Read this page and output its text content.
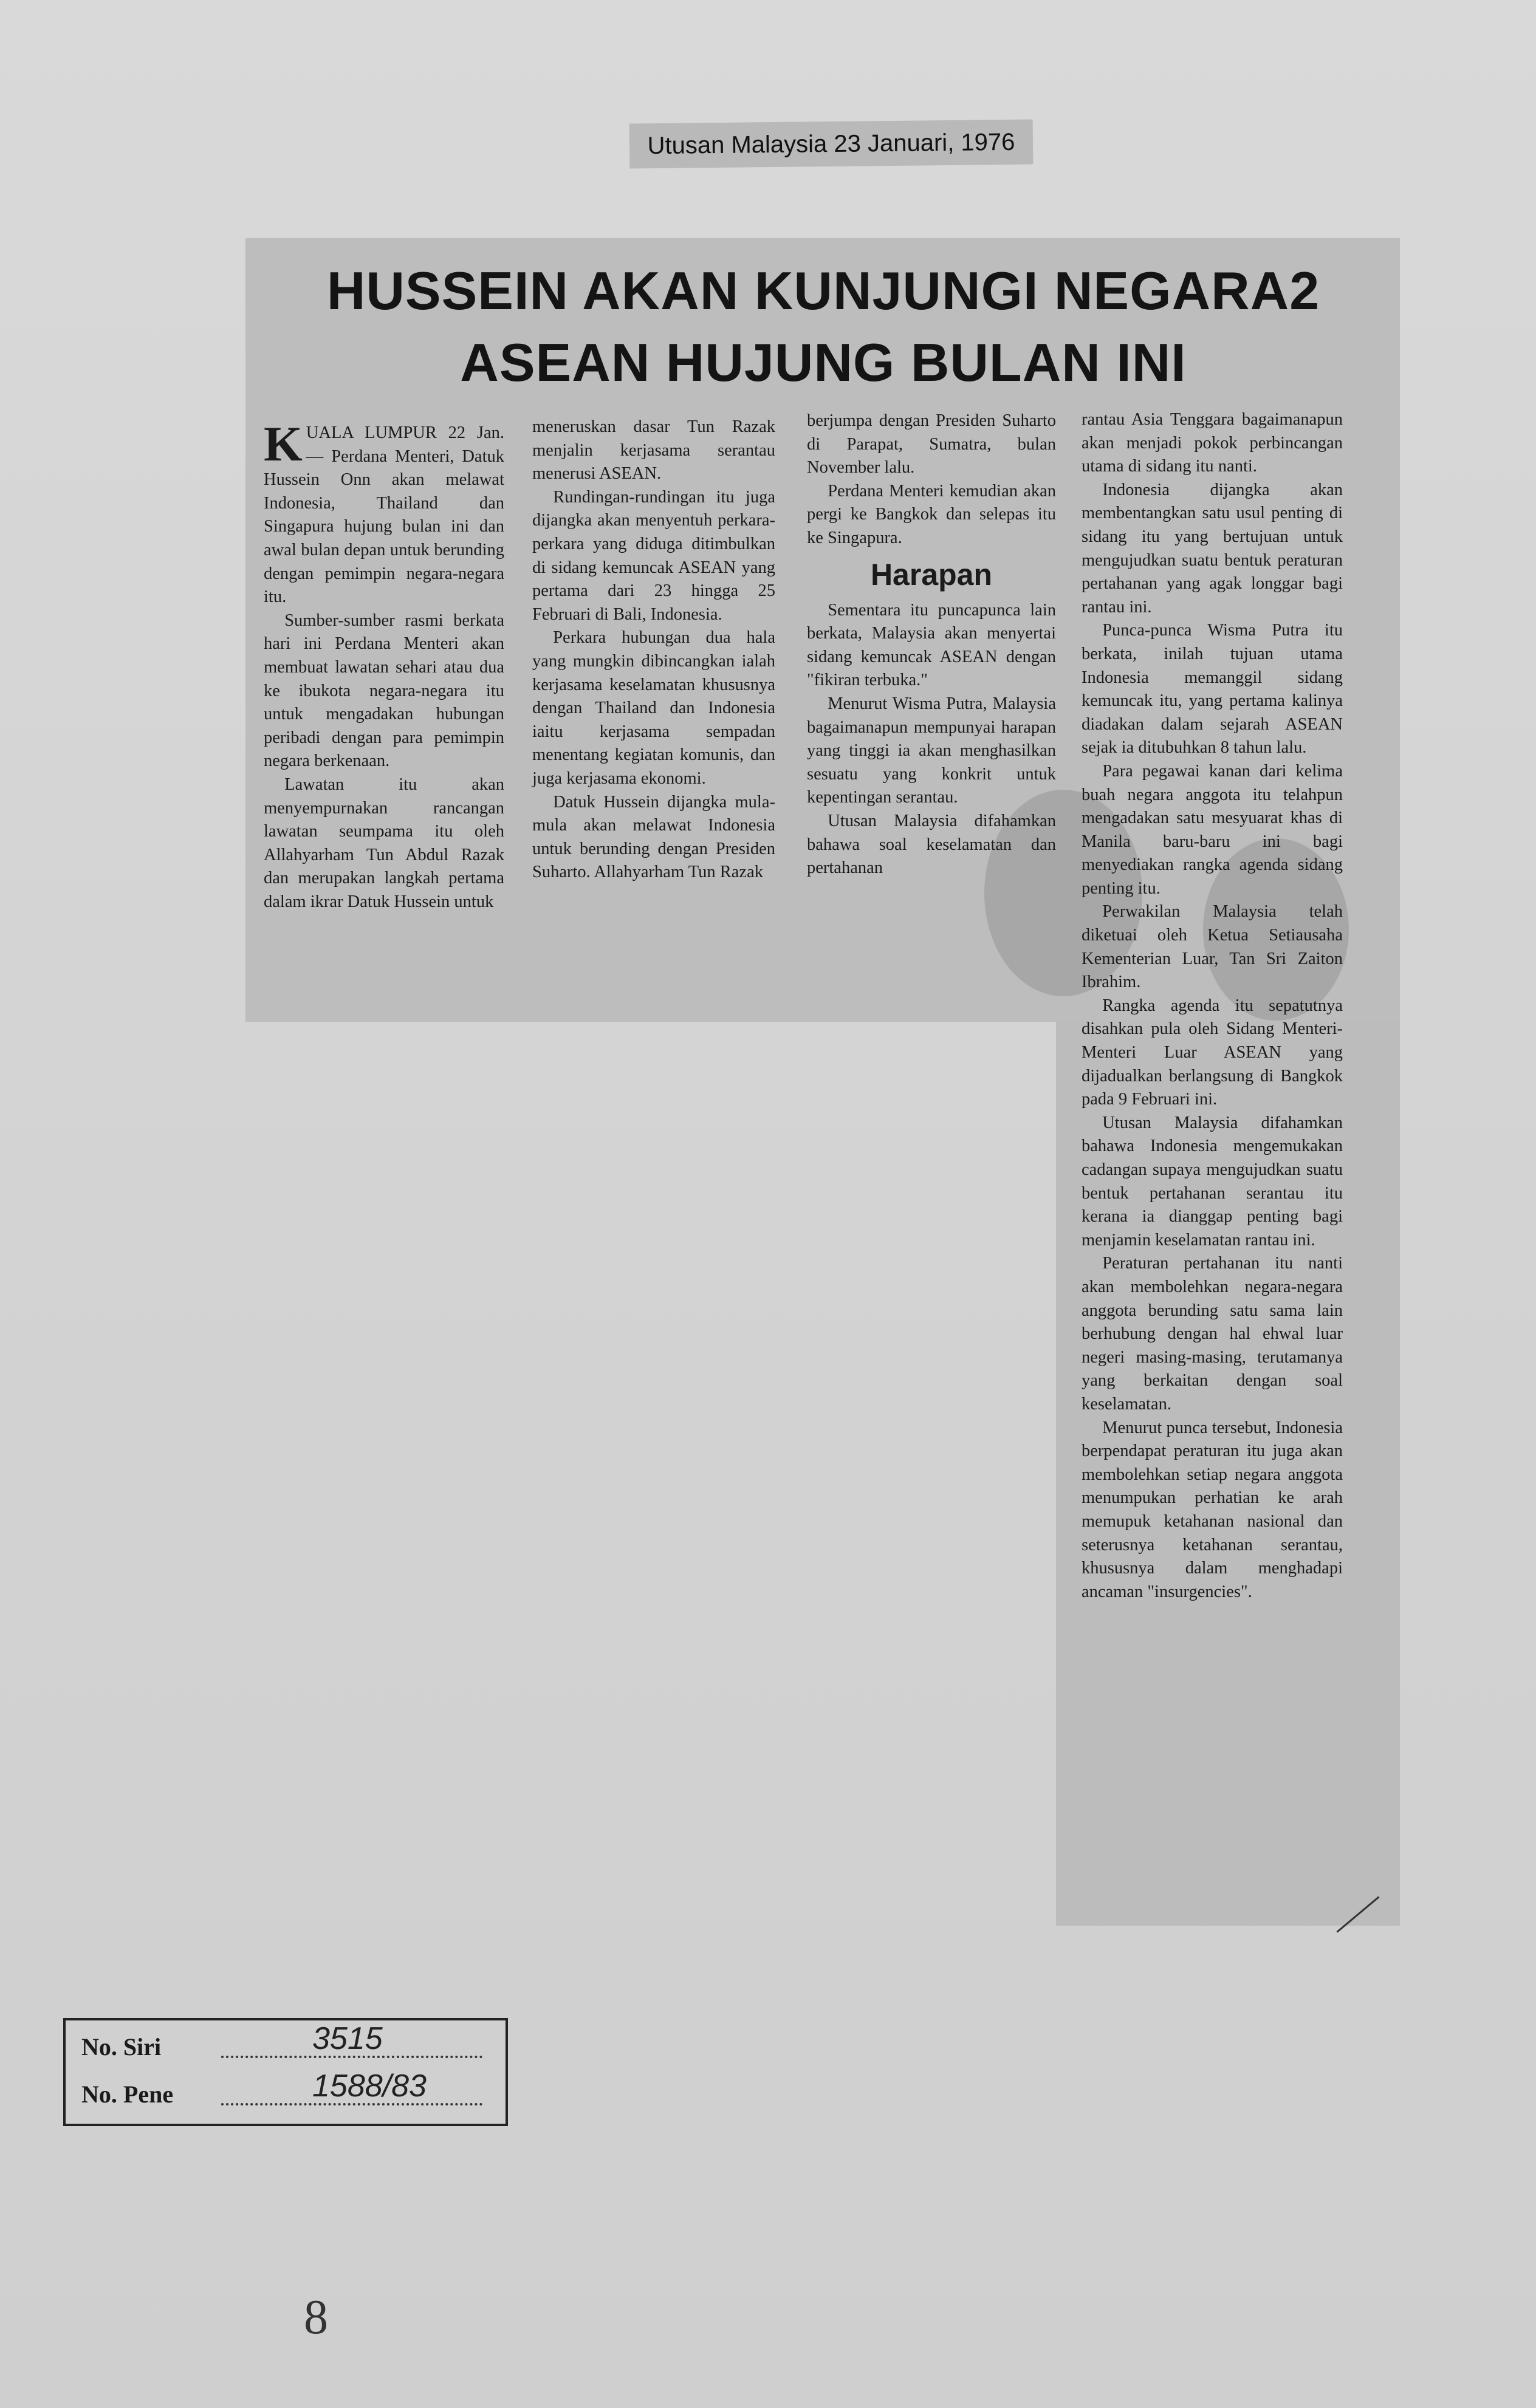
Utusan Malaysia 23 Januari, 1976
HUSSEIN AKAN KUNJUNGI NEGARA2
ASEAN HUJUNG BULAN INI

KUALA LUMPUR 22 Jan. — Perdana Menteri, Datuk Hussein Onn akan melawat Indonesia, Thailand dan Singapura hujung bulan ini dan awal bulan depan untuk berunding dengan pemimpin negara-negara itu.

Sumber-sumber rasmi berkata hari ini Perdana Menteri akan membuat lawatan sehari atau dua ke ibukota negara-negara itu untuk mengadakan hubungan peribadi dengan para pemimpin negara berkenaan.

Lawatan itu akan menyempurnakan rancangan lawatan seumpama itu oleh Allahyarham Tun Abdul Razak dan merupakan langkah pertama dalam ikrar Datuk Hussein untuk

meneruskan dasar Tun Razak menjalin kerjasama serantau menerusi ASEAN.

Rundingan-rundingan itu juga dijangka akan menyentuh perkara-perkara yang diduga ditimbulkan di sidang kemuncak ASEAN yang pertama dari 23 hingga 25 Februari di Bali, Indonesia.

Perkara hubungan dua hala yang mungkin dibincangkan ialah kerjasama keselamatan khususnya dengan Thailand dan Indonesia iaitu kerjasama sempadan menentang kegiatan komunis, dan juga kerjasama ekonomi.

Datuk Hussein dijangka mula-mula akan melawat Indonesia untuk berunding dengan Presiden Suharto. Allahyarham Tun Razak

berjumpa dengan Presiden Suharto di Parapat, Sumatra, bulan November lalu.

Perdana Menteri kemudian akan pergi ke Bangkok dan selepas itu ke Singapura.

Harapan

Sementara itu puncapunca lain berkata, Malaysia akan menyertai sidang kemuncak ASEAN dengan "fikiran terbuka."

Menurut Wisma Putra, Malaysia bagaimanapun mempunyai harapan yang tinggi ia akan menghasilkan sesuatu yang konkrit untuk kepentingan serantau.

Utusan Malaysia difahamkan bahawa soal keselamatan dan pertahanan

rantau Asia Tenggara bagaimanapun akan menjadi pokok perbincangan utama di sidang itu nanti.

Indonesia dijangka akan membentangkan satu usul penting di sidang itu yang bertujuan untuk mengujudkan suatu bentuk peraturan pertahanan yang agak longgar bagi rantau ini.

Punca-punca Wisma Putra itu berkata, inilah tujuan utama Indonesia memanggil sidang kemuncak itu, yang pertama kalinya diadakan dalam sejarah ASEAN sejak ia ditubuhkan 8 tahun lalu.

Para pegawai kanan dari kelima buah negara anggota itu telahpun mengadakan satu mesyuarat khas di Manila baru-baru ini bagi menyediakan rangka agenda sidang penting itu.

Perwakilan Malaysia telah diketuai oleh Ketua Setiausaha Kementerian Luar, Tan Sri Zaiton Ibrahim.

Rangka agenda itu sepatutnya disahkan pula oleh Sidang Menteri-Menteri Luar ASEAN yang dijadualkan berlangsung di Bangkok pada 9 Februari ini.

Utusan Malaysia difahamkan bahawa Indonesia mengemukakan cadangan supaya mengujudkan suatu bentuk pertahanan serantau itu kerana ia dianggap penting bagi menjamin keselamatan rantau ini.

Peraturan pertahanan itu nanti akan membolehkan negara-negara anggota berunding satu sama lain berhubung dengan hal ehwal luar negeri masing-masing, terutamanya yang berkaitan dengan soal keselamatan.

Menurut punca tersebut, Indonesia berpendapat peraturan itu juga akan membolehkan setiap negara anggota menumpukan perhatian ke arah memupuk ketahanan nasional dan seterusnya ketahanan serantau, khususnya dalam menghadapi ancaman "insurgencies".

No. Siri	3515
No. Pene	1588/83
8
